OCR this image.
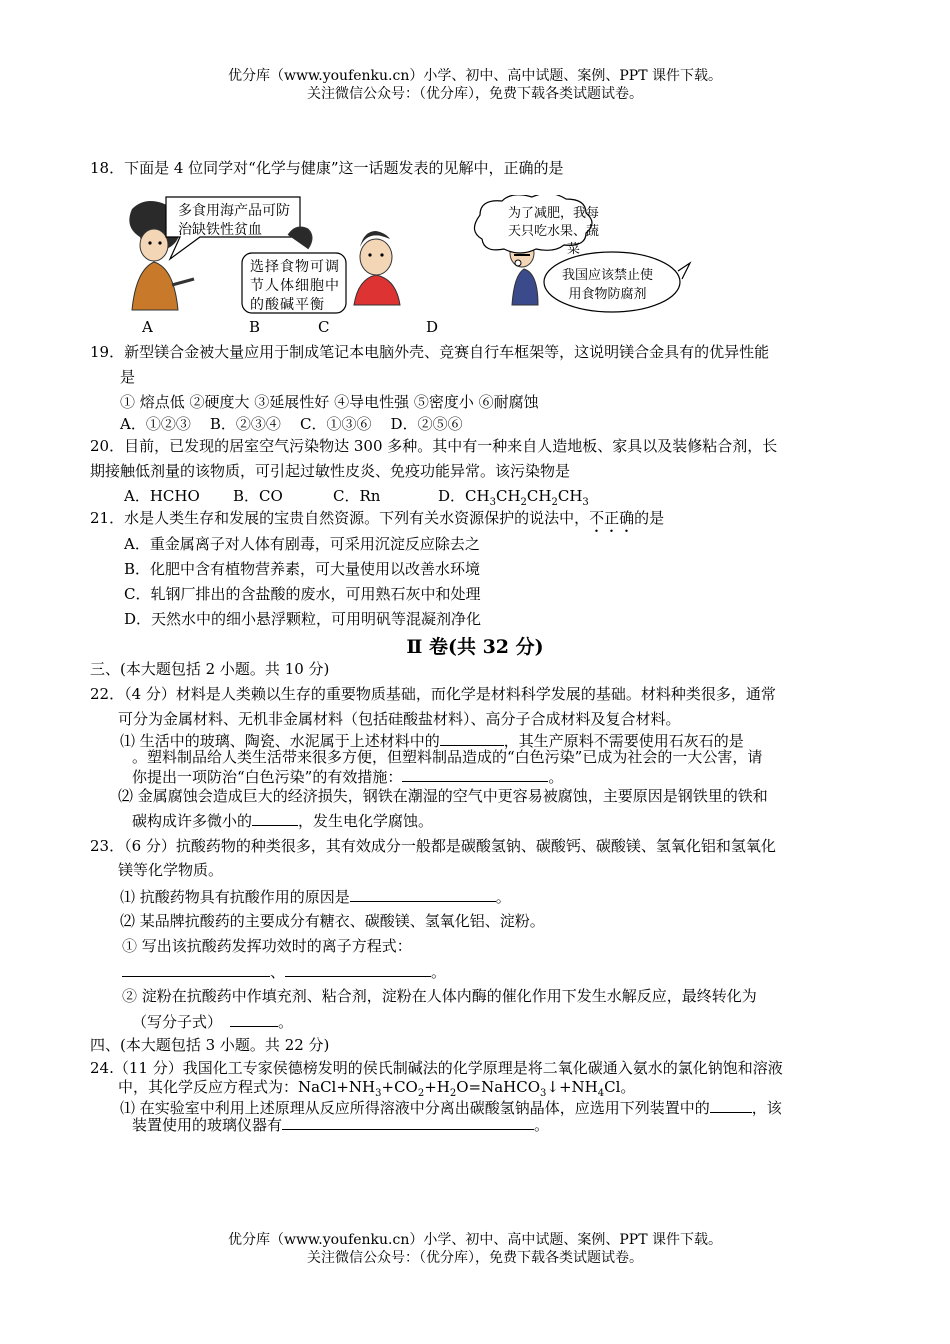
优分库（www.youfenku.cn）小学、初中、高中试题、案例、PPT 课件下载。
关注微信公众号：（优分库），免费下载各类试题试卷。
18．下面是 4 位同学对“化学与健康”这一话题发表的见解中，正确的是
多食用海产品可防
治缺铁性贫血
选择食物可调
节人体细胞中
的酸碱平衡
为了减肥，我每
天只吃水果、蔬
菜
我国应该禁止使
用食物防腐剂
A	B	C	D
19．新型镁合金被大量应用于制成笔记本电脑外壳、竞赛自行车框架等，这说明镁合金具有的优异性能
是
① 熔点低 ②硬度大 ③延展性好 ④导电性强 ⑤密度小 ⑥耐腐蚀
A．①②③    B．②③④    C．①③⑥    D．②⑤⑥
20．目前，已发现的居室空气污染物达 300 多种。其中有一种来自人造地板、家具以及装修粘合剂，长
期接触低剂量的该物质，可引起过敏性皮炎、免疫功能异常。该污染物是
A．HCHO B．CO	C．Rn	D．$CH_3CH_2CH_2CH_3$
21．水是人类生存和发展的宝贵自然资源。下列有关水资源保护的说法中，不正确的是
A．重金属离子对人体有剧毒，可采用沉淀反应除去之
B．化肥中含有植物营养素，可大量使用以改善水环境
C．轧钢厂排出的含盐酸的废水，可用熟石灰中和处理
D．天然水中的细小悬浮颗粒，可用明矾等混凝剂净化
Ⅱ 卷(共 32 分)
三、(本大题包括 2 小题。共 10 分)
22．（4 分）材料是人类赖以生存的重要物质基础，而化学是材料科学发展的基础。材料种类很多，通常
可分为金属材料、无机非金属材料（包括硅酸盐材料）、高分子合成材料及复合材料。
⑴ 生活中的玻璃、陶瓷、水泥属于上述材料中的	，其生产原料不需要使用石灰石的是
。塑料制品给人类生活带来很多方便，但塑料制品造成的“白色污染”已成为社会的一大公害，请
你提出一项防治“白色污染”的有效措施：	。
⑵ 金属腐蚀会造成巨大的经济损失，钢铁在潮湿的空气中更容易被腐蚀，主要原因是钢铁里的铁和
碳构成许多微小的	，发生电化学腐蚀。
23．（6 分）抗酸药物的种类很多，其有效成分一般都是碳酸氢钠、碳酸钙、碳酸镁、氢氧化铝和氢氧化
镁等化学物质。
⑴ 抗酸药物具有抗酸作用的原因是	。
⑵ 某品牌抗酸药的主要成分有糖衣、碳酸镁、氢氧化铝、淀粉。
① 写出该抗酸药发挥功效时的离子方程式：
、	。
② 淀粉在抗酸药中作填充剂、粘合剂，淀粉在人体内酶的催化作用下发生水解反应，最终转化为
（写分子式）	。
四、(本大题包括 3 小题。共 22 分)
24.（11 分）我国化工专家侯德榜发明的侯氏制碱法的化学原理是将二氧化碳通入氨水的氯化钠饱和溶液
中，其化学反应方程式为：$NaCl+NH_3+CO_2+H_2O=NaHCO_3↓+NH_4Cl$。
⑴ 在实验室中利用上述原理从反应所得溶液中分离出碳酸氢钠晶体，应选用下列装置中的	，该
装置使用的玻璃仪器有	。
优分库（www.youfenku.cn）小学、初中、高中试题、案例、PPT 课件下载。
关注微信公众号：（优分库），免费下载各类试题试卷。
